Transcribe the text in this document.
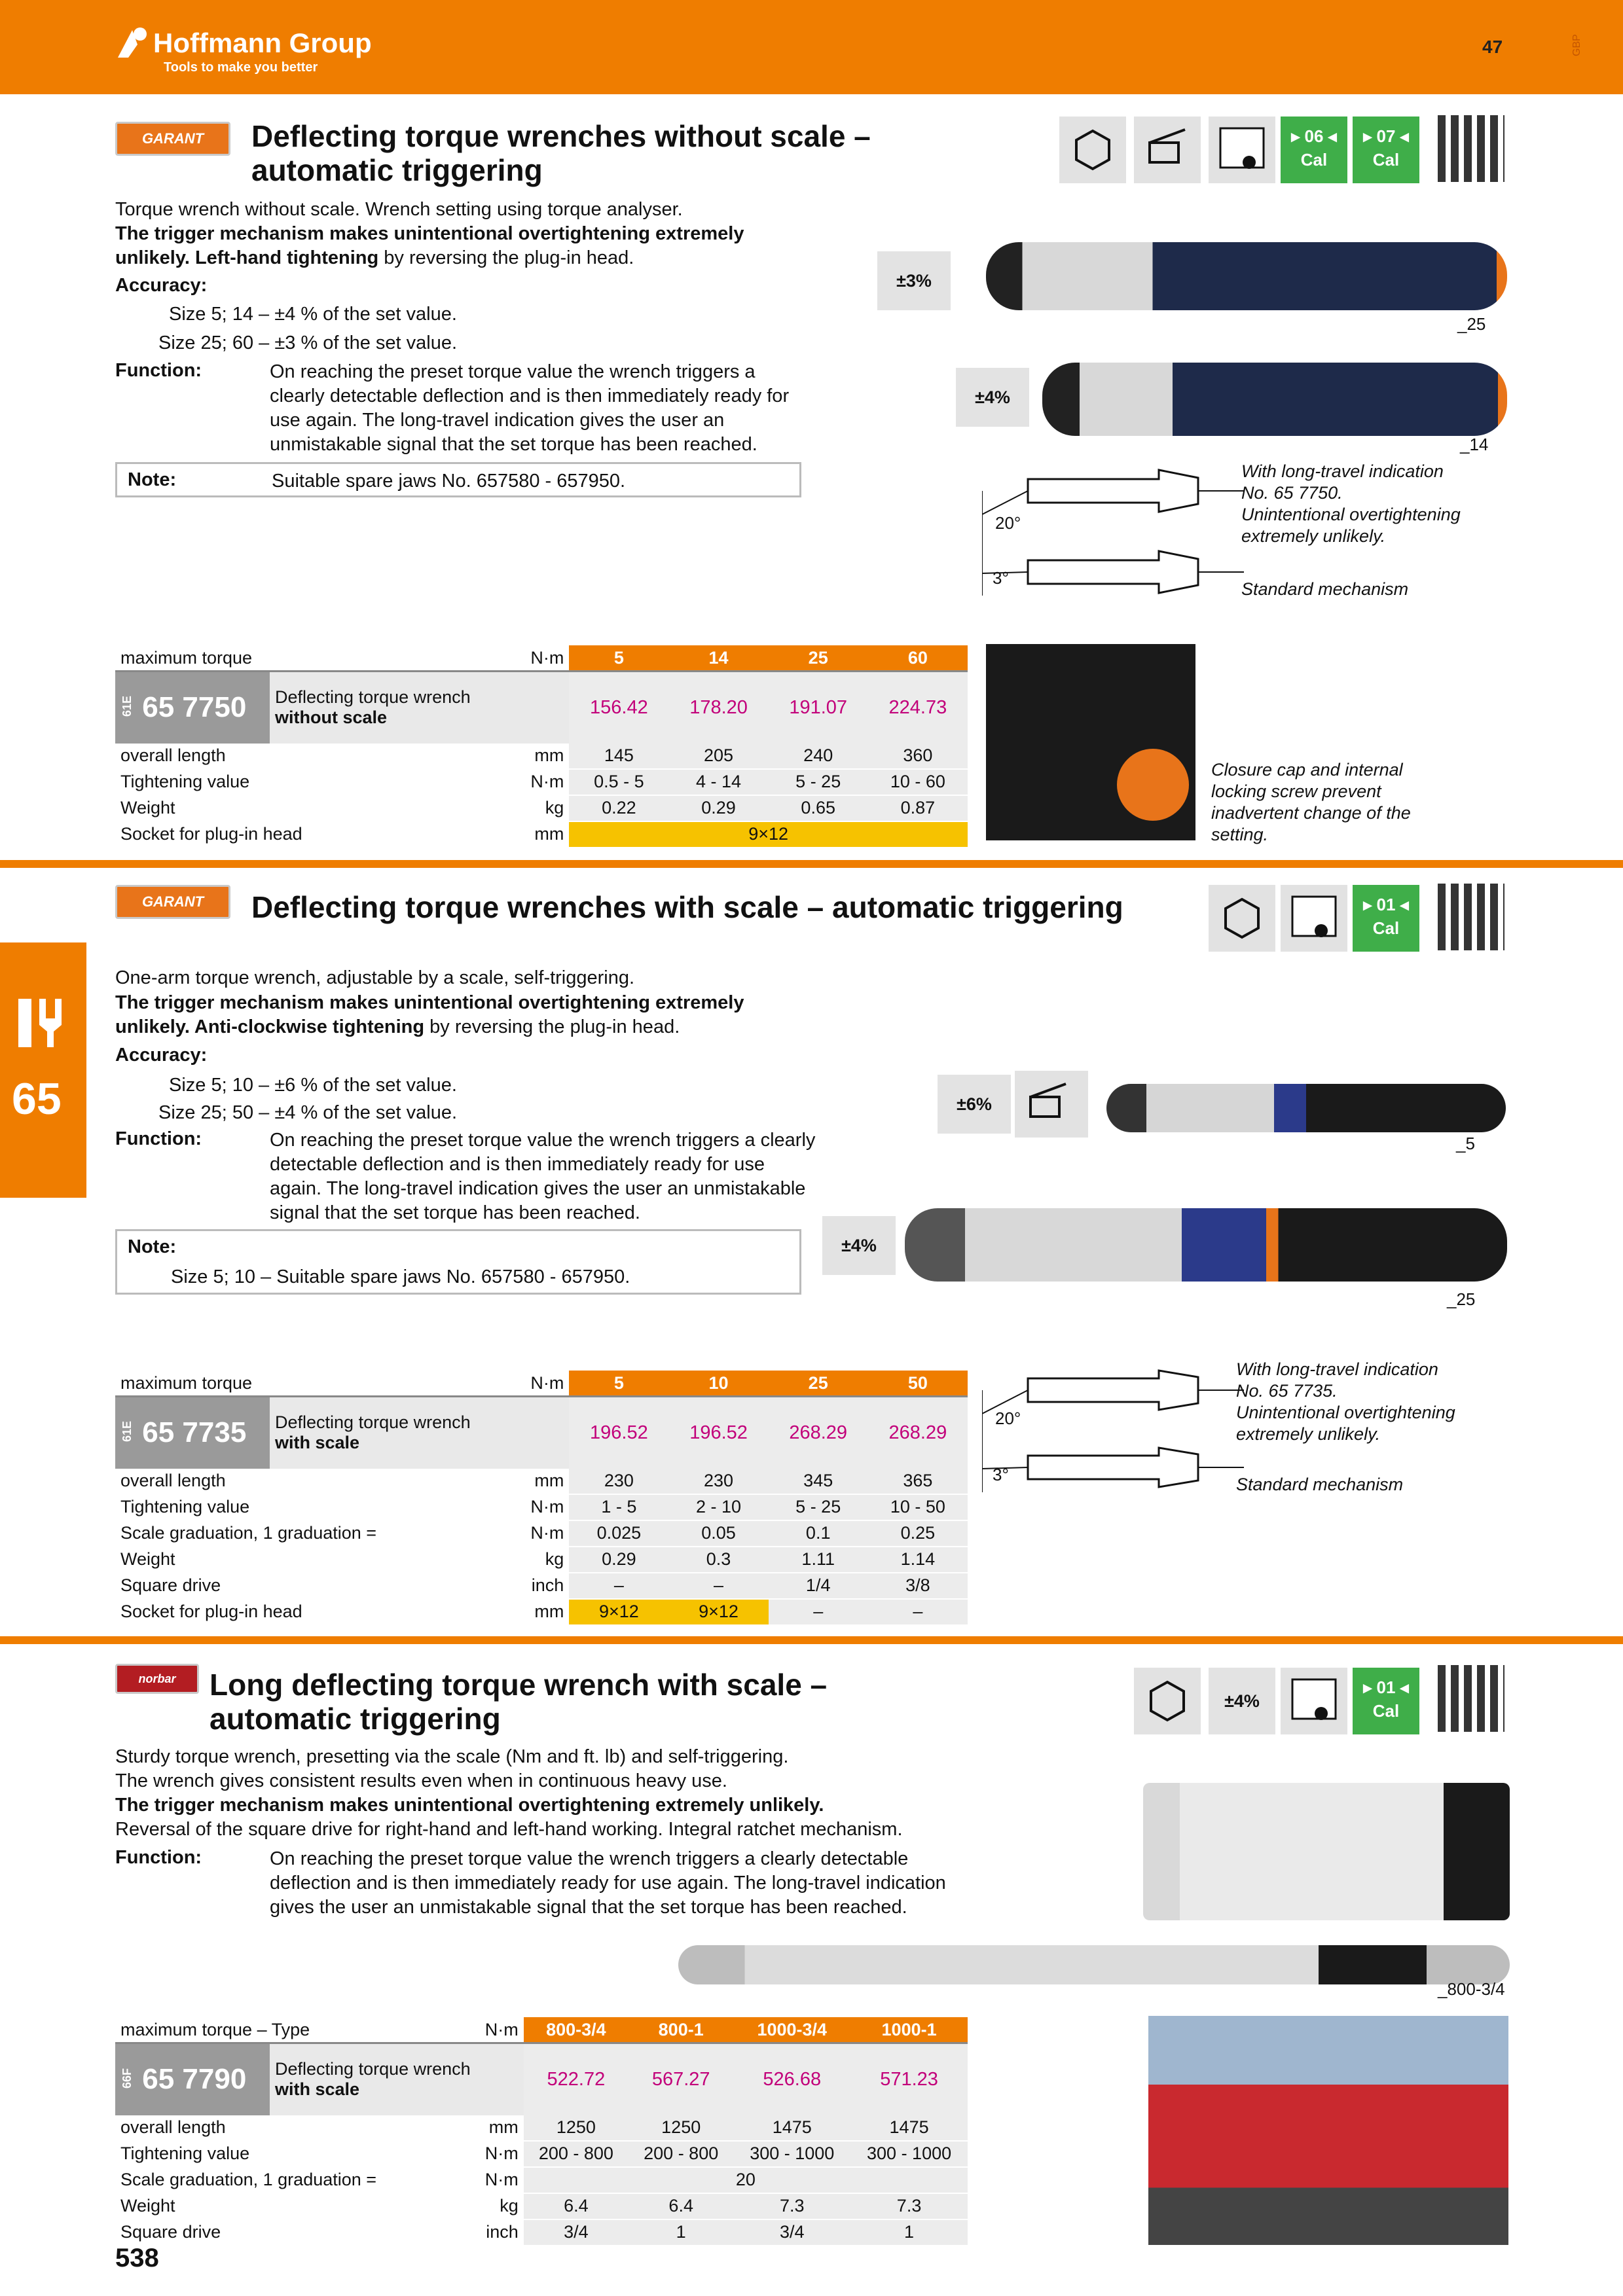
Hoffmann Group
Tools to make you better
47	GBP
65
GARANT	Deflecting torque wrenches without scale –
automatic triggering
Torque wrench without scale. Wrench setting using torque analyser.
The trigger mechanism makes unintentional overtightening extremely
unlikely. Left-hand tightening by reversing the plug-in head.
Accuracy:
Size 5; 14 – ±4 % of the set value.
Size 25; 60 – ±3 % of the set value.
Function:	On reaching the preset torque value the wrench triggers a
clearly detectable deflection and is then immediately ready for
use again. The long-travel indication gives the user an
unmistakable signal that the set torque has been reached.
Note:	Suitable spare jaws No. 657580 - 657950.
▸ 06 ◂
Cal
▸ 07 ◂
Cal
±3%
_25
±4%
_14
20°
3°
With long-travel indication
No. 65 7750.
Unintentional overtightening
extremely unlikely.
Standard mechanism
Closure cap and internal
locking screw prevent
inadvertent change of the
setting.
maximum torque		N·m	5	14	25	60
61E 65 7750	Deflecting torque wrench
without scale		156.42	178.20	191.07	224.73
overall length		mm	145	205	240	360
Tightening value		N·m	0.5 - 5	4 - 14	5 - 25	10 - 60
Weight		kg	0.22	0.29	0.65	0.87
Socket for plug-in head		mm	9×12			
GARANT	Deflecting torque wrenches with scale – automatic triggering
One-arm torque wrench, adjustable by a scale, self-triggering.
The trigger mechanism makes unintentional overtightening extremely
unlikely. Anti-clockwise tightening by reversing the plug-in head.
Accuracy:
Size 5; 10 – ±6 % of the set value.
Size 25; 50 – ±4 % of the set value.
Function:	On reaching the preset torque value the wrench triggers a clearly
detectable deflection and is then immediately ready for use
again. The long-travel indication gives the user an unmistakable
signal that the set torque has been reached.
Note:
Size 5; 10 – Suitable spare jaws No. 657580 - 657950.
▸ 01 ◂
Cal
±6%
_5
±4%
_25
20°
3°
With long-travel indication
No. 65 7735.
Unintentional overtightening
extremely unlikely.
Standard mechanism
maximum torque		N·m	5	10	25	50
61E 65 7735	Deflecting torque wrench
with scale		196.52	196.52	268.29	268.29
overall length		mm	230	230	345	365
Tightening value		N·m	1 - 5	2 - 10	5 - 25	10 - 50
Scale graduation, 1 graduation =		N·m	0.025	0.05	0.1	0.25
Weight		kg	0.29	0.3	1.11	1.14
Square drive		inch	–	–	1/4	3/8
Socket for plug-in head		mm	9×12	9×12	–	–
norbar	Long deflecting torque wrench with scale –
automatic triggering
Sturdy torque wrench, presetting via the scale (Nm and ft. lb) and self-triggering.
The wrench gives consistent results even when in continuous heavy use.
The trigger mechanism makes unintentional overtightening extremely unlikely.
Reversal of the square drive for right-hand and left-hand working. Integral ratchet mechanism.
Function:	On reaching the preset torque value the wrench triggers a clearly detectable
deflection and is then immediately ready for use again. The long-travel indication
gives the user an unmistakable signal that the set torque has been reached.
±4%
▸ 01 ◂
Cal
_800-3/4
maximum torque – Type		N·m	800-3/4	800-1	1000-3/4	1000-1
66F 65 7790	Deflecting torque wrench
with scale		522.72	567.27	526.68	571.23
overall length		mm	1250	1250	1475	1475
Tightening value		N·m	200 - 800	200 - 800	300 - 1000	300 - 1000
Scale graduation, 1 graduation =		N·m	20			
Weight		kg	6.4	6.4	7.3	7.3
Square drive		inch	3/4	1	3/4	1
538
